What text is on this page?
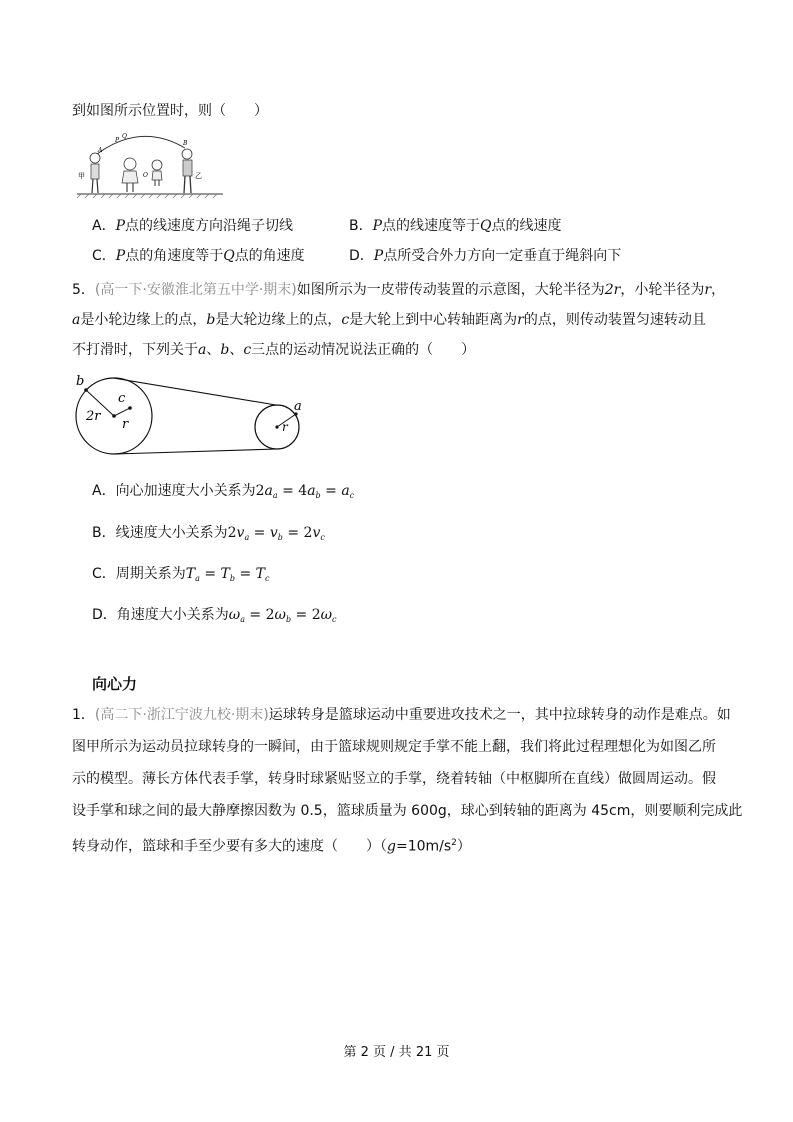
到如图所示位置时，则（　　）
甲	乙
A
B
P
Q
O
A．P点的线速度方向沿绳子切线	B．P点的线速度等于Q点的线速度
C．P点的角速度等于Q点的角速度	D．P点所受合外力方向一定垂直于绳斜向下
5．(高一下·安徽淮北第五中学·期末)如图所示为一皮带传动装置的示意图，大轮半径为2r，小轮半径为r，
a是小轮边缘上的点，b是大轮边缘上的点，c是大轮上到中心转轴距离为r的点，则传动装置匀速转动且
不打滑时，下列关于a、b、c三点的运动情况说法正确的（　　）
b
c
2r
r
a
r
A．向心加速度大小关系为$2a_a = 4a_b = a_c$
B．线速度大小关系为$2v_a = v_b = 2v_c$
C．周期关系为$T_a = T_b = T_c$
D．角速度大小关系为$\omega_a = 2\omega_b = 2\omega_c$
向心力
1．(高二下·浙江宁波九校·期末)运球转身是篮球运动中重要进攻技术之一，其中拉球转身的动作是难点。如
图甲所示为运动员拉球转身的一瞬间，由于篮球规则规定手掌不能上翻，我们将此过程理想化为如图乙所
示的模型。薄长方体代表手掌，转身时球紧贴竖立的手掌，绕着转轴（中枢脚所在直线）做圆周运动。假
设手掌和球之间的最大静摩擦因数为 0.5，篮球质量为 600g，球心到转轴的距离为 45cm，则要顺利完成此
转身动作，篮球和手至少要有多大的速度（　　）$(g=10m/s^2)$
第 2 页 / 共 21 页
